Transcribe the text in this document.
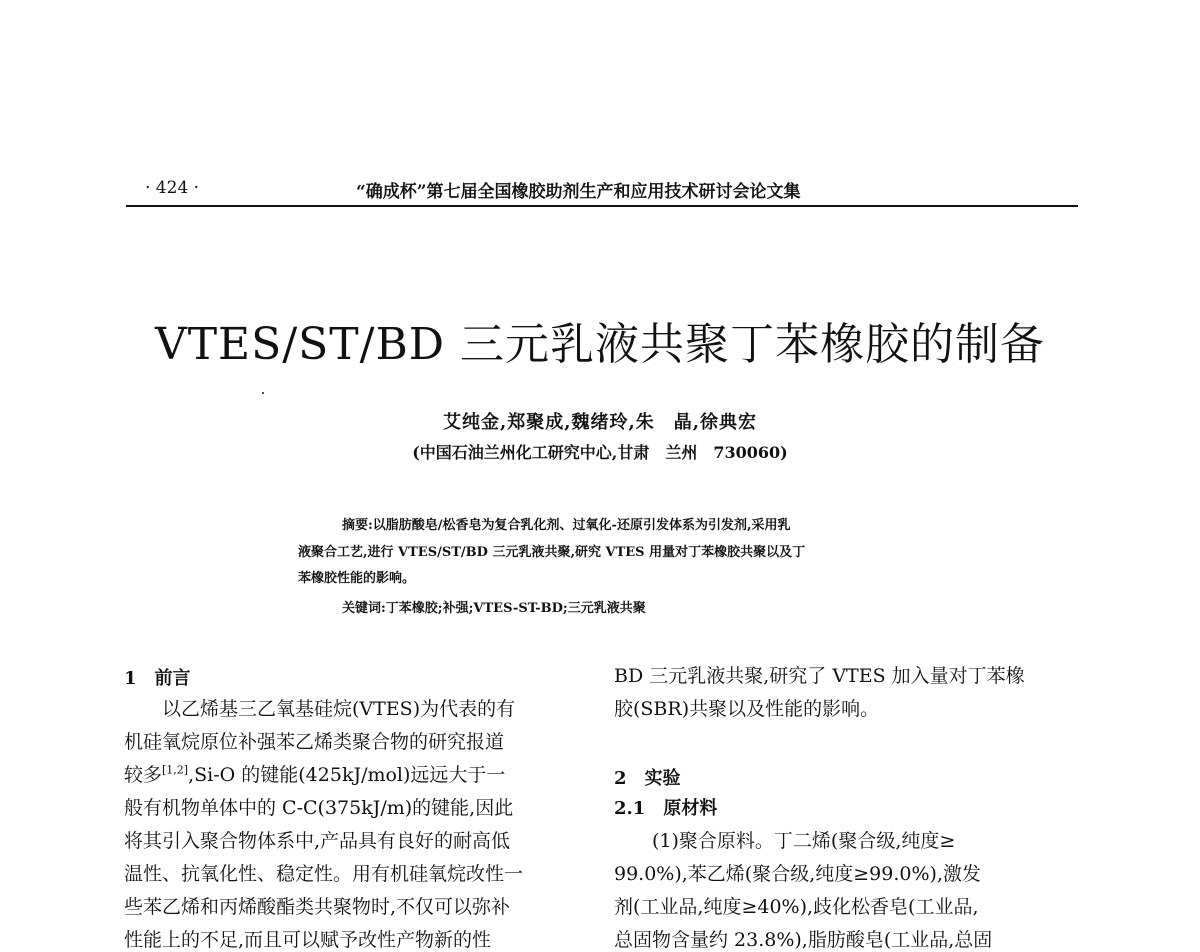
· 424 ·	“确成杯”第七届全国橡胶助剂生产和应用技术研讨会论文集
VTES/ST/BD 三元乳液共聚丁苯橡胶的制备
艾纯金,郑聚成,魏绪玲,朱　晶,徐典宏
(中国石油兰州化工研究中心,甘肃　兰州　730060)
摘要:以脂肪酸皂/松香皂为复合乳化剂、过氧化-还原引发体系为引发剂,采用乳
液聚合工艺,进行 VTES/ST/BD 三元乳液共聚,研究 VTES 用量对丁苯橡胶共聚以及丁
苯橡胶性能的影响。
关键词:丁苯橡胶;补强;VTES-ST-BD;三元乳液共聚
1　前言
　　以乙烯基三乙氧基硅烷(VTES)为代表的有
机硅氧烷原位补强苯乙烯类聚合物的研究报道
较多[1,2],Si-O 的键能(425kJ/mol)远远大于一
般有机物单体中的 C-C(375kJ/m)的键能,因此
将其引入聚合物体系中,产品具有良好的耐高低
温性、抗氧化性、稳定性。用有机硅氧烷改性一
些苯乙烯和丙烯酸酯类共聚物时,不仅可以弥补
性能上的不足,而且可以赋予改性产物新的性
BD 三元乳液共聚,研究了 VTES 加入量对丁苯橡
胶(SBR)共聚以及性能的影响。
2　实验
2.1　原材料
　　(1)聚合原料。丁二烯(聚合级,纯度≥
99.0%),苯乙烯(聚合级,纯度≥99.0%),激发
剂(工业品,纯度≥40%),歧化松香皂(工业品,
总固物含量约 23.8%),脂肪酸皂(工业品,总固
